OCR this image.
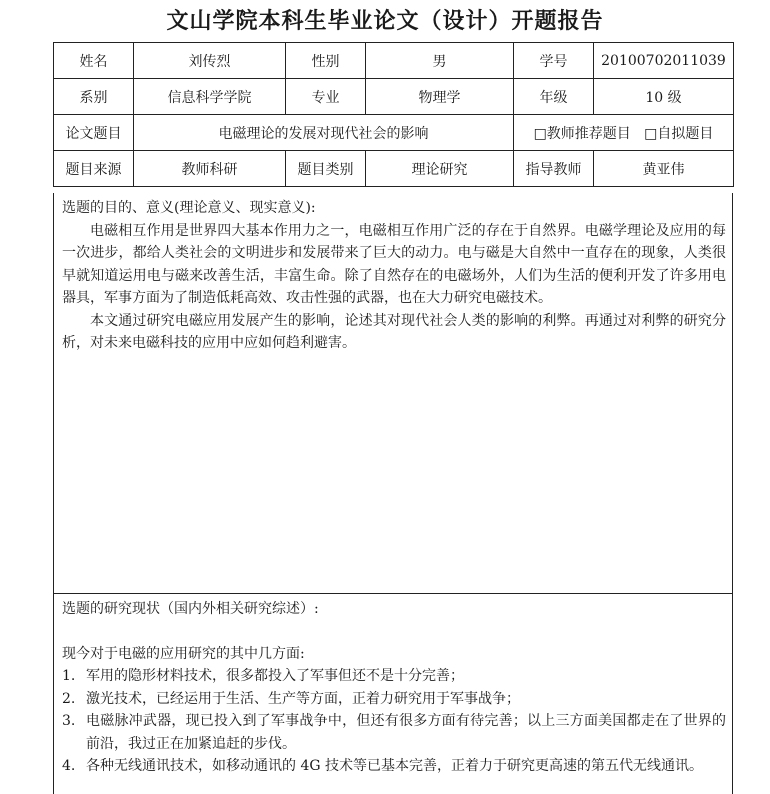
文山学院本科生毕业论文（设计）开题报告
姓名	刘传烈	性别	男	学号	20100702011039
系别	信息科学学院	专业	物理学	年级	10 级
论文题目	电磁理论的发展对现代社会的影响			□教师推荐题目 □自拟题目	
题目来源	教师科研	题目类别	理论研究	指导教师	黄亚伟

选题的目的、意义(理论意义、现实意义):

电磁相互作用是世界四大基本作用力之一，电磁相互作用广泛的存在于自然界。电磁学理论及应用的每一次进步，都给人类社会的文明进步和发展带来了巨大的动力。电与磁是大自然中一直存在的现象，人类很早就知道运用电与磁来改善生活，丰富生命。除了自然存在的电磁场外，人们为生活的便利开发了许多用电器具，军事方面为了制造低耗高效、攻击性强的武器，也在大力研究电磁技术。

本文通过研究电磁应用发展产生的影响，论述其对现代社会人类的影响的利弊。再通过对利弊的研究分析，对未来电磁科技的应用中应如何趋利避害。

选题的研究现状（国内外相关研究综述）:

现今对于电磁的应用研究的其中几方面:

1. 军用的隐形材料技术，很多都投入了军事但还不是十分完善；
2. 激光技术，已经运用于生活、生产等方面，正着力研究用于军事战争；
3. 电磁脉冲武器，现已投入到了军事战争中，但还有很多方面有待完善；以上三方面美国都走在了世界的前沿，我过正在加紧追赶的步伐。
4. 各种无线通讯技术，如移动通讯的 4G 技术等已基本完善，正着力于研究更高速的第五代无线通讯。
